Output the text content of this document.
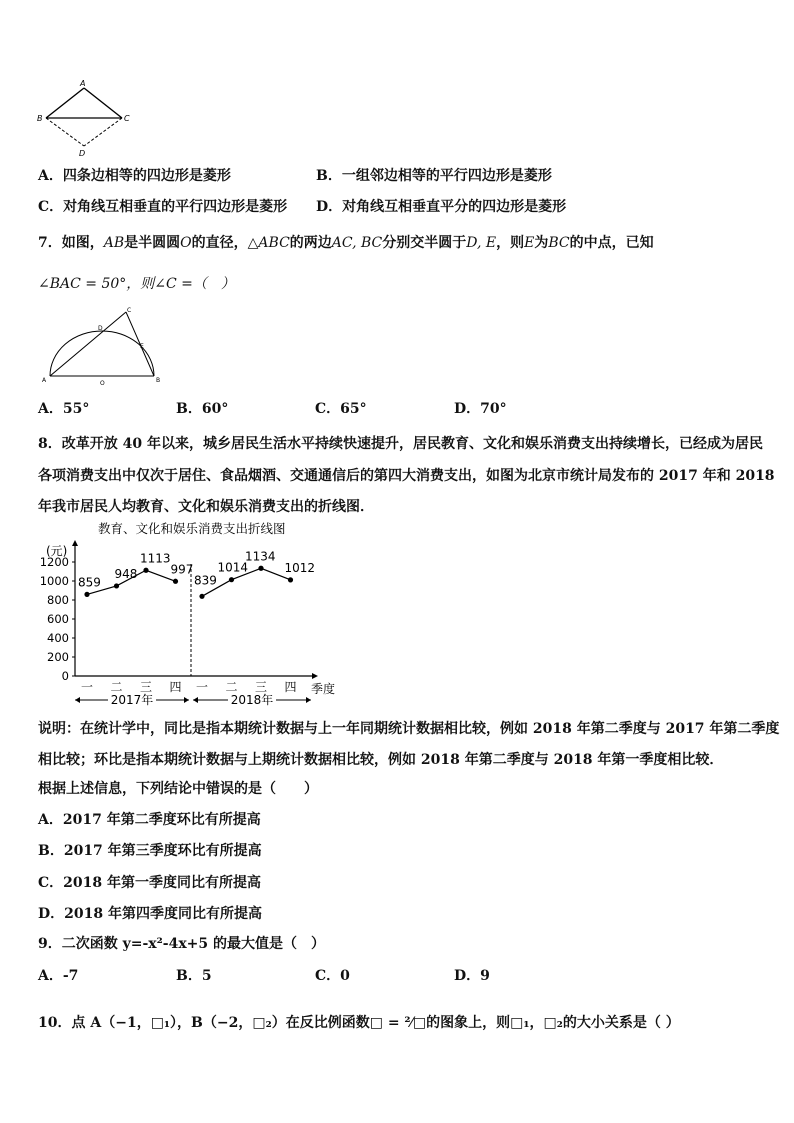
A
B	C
D
A．四条边相等的四边形是菱形	B．一组邻边相等的平行四边形是菱形
C．对角线互相垂直的平行四边形是菱形 D．对角线互相垂直平分的四边形是菱形
7．如图，AB是半圆圆O的直径，△ABC的两边AC, BC分别交半圆于D, E，则E为BC的中点，已知
∠BAC = 50°，则∠C =（　）
A	B
C
D
E
O
A．55°	B．60°	C．65°	D．70°
8．改革开放 40 年以来，城乡居民生活水平持续快速提升，居民教育、文化和娱乐消费支出持续增长，已经成为居民
各项消费支出中仅次于居住、食品烟酒、交通通信后的第四大消费支出，如图为北京市统计局发布的 2017 年和 2018
年我市居民人均教育、文化和娱乐消费支出的折线图．
教育、文化和娱乐消费支出折线图
(元)
季度
0
200
400
600
800
1000
1200
一 二 三 四 一 二 三 四
2017年	2018年
859
948
1113
997
839
1014
1134
1012
说明：在统计学中，同比是指本期统计数据与上一年同期统计数据相比较，例如 2018 年第二季度与 2017 年第二季度
相比较；环比是指本期统计数据与上期统计数据相比较，例如 2018 年第二季度与 2018 年第一季度相比较．
根据上述信息，下列结论中错误的是（　　）
A．2017 年第二季度环比有所提高
B．2017 年第三季度环比有所提高
C．2018 年第一季度同比有所提高
D．2018 年第四季度同比有所提高
9．二次函数 y=-x²-4x+5 的最大值是（　）
A．-7	B．5	C．0	D．9
10．点 A（−1，□₁），B（−2，□₂）在反比例函数□ = ²⁄□的图象上，则□₁，□₂的大小关系是（ ）
